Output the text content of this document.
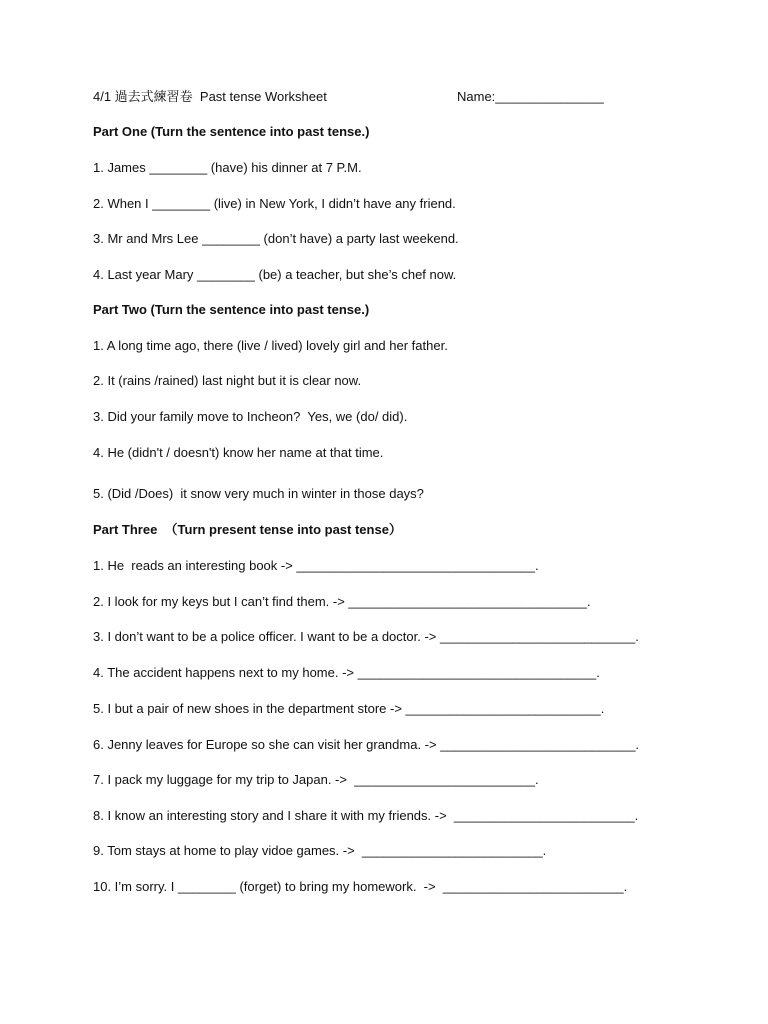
4/1 過去式練習卷  Past tense Worksheet	Name:_______________
Part One (Turn the sentence into past tense.)
1. James ________ (have) his dinner at 7 P.M.
2. When I ________ (live) in New York, I didn’t have any friend.
3. Mr and Mrs Lee ________ (don’t have) a party last weekend.
4. Last year Mary ________ (be) a teacher, but she’s chef now.
Part Two (Turn the sentence into past tense.)
1. A long time ago, there (live / lived) lovely girl and her father.
2. It (rains /rained) last night but it is clear now.
3. Did your family move to Incheon?  Yes, we (do/ did).
4. He (didn't / doesn't) know her name at that time.
5. (Did /Does)  it snow very much in winter in those days?
Part Three  （Turn present tense into past tense）
1. He  reads an interesting book -> _________________________________.
2. I look for my keys but I can’t find them. -> _________________________________.
3. I don’t want to be a police officer. I want to be a doctor. -> ___________________________.
4. The accident happens next to my home. -> _________________________________.
5. I but a pair of new shoes in the department store -> ___________________________.
6. Jenny leaves for Europe so she can visit her grandma. -> ___________________________.
7. I pack my luggage for my trip to Japan. ->  _________________________.
8. I know an interesting story and I share it with my friends. ->  _________________________.
9. Tom stays at home to play vidoe games. ->  _________________________.
10. I’m sorry. I ________ (forget) to bring my homework.  ->  _________________________.
